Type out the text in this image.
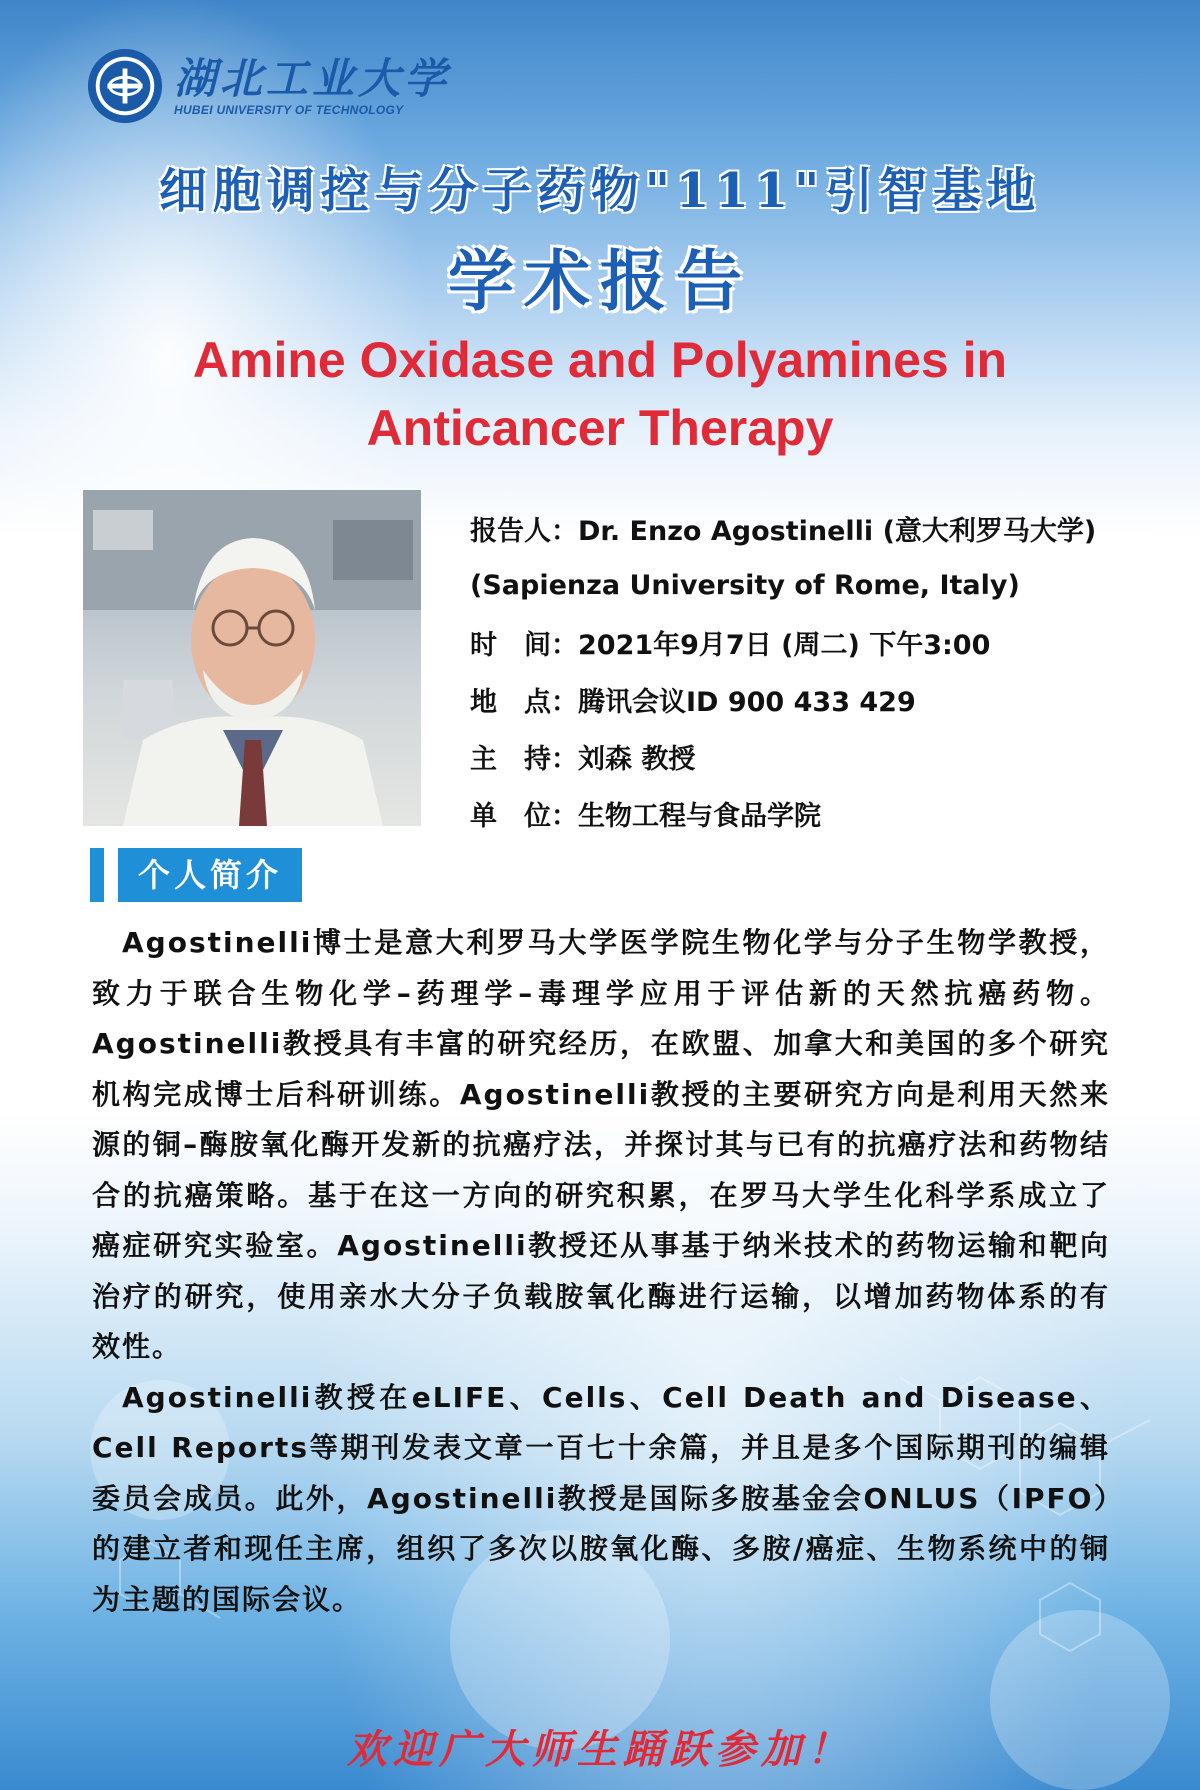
湖北工业大学
HUBEI UNIVERSITY OF TECHNOLOGY
细胞调控与分子药物"111"引智基地
学术报告
Amine Oxidase and Polyamines in
Anticancer Therapy
报告人： Dr. Enzo Agostinelli (意大利罗马大学)
(Sapienza University of Rome, Italy)
时　间： 2021年9月7日 (周二) 下午3:00
地　点： 腾讯会议ID 900 433 429
主　持： 刘森 教授
单　位： 生物工程与食品学院
个人简介

Agostinelli博士是意大利罗马大学医学院生物化学与分子生物学教授，致力于联合生物化学–药理学–毒理学应用于评估新的天然抗癌药物。Agostinelli教授具有丰富的研究经历，在欧盟、加拿大和美国的多个研究机构完成博士后科研训练。Agostinelli教授的主要研究方向是利用天然来源的铜–酶胺氧化酶开发新的抗癌疗法，并探讨其与已有的抗癌疗法和药物结合的抗癌策略。基于在这一方向的研究积累，在罗马大学生化科学系成立了癌症研究实验室。Agostinelli教授还从事基于纳米技术的药物运输和靶向治疗的研究，使用亲水大分子负载胺氧化酶进行运输，以增加药物体系的有效性。

Agostinelli教授在eLIFE、Cells、Cell Death and Disease、Cell Reports等期刊发表文章一百七十余篇，并且是多个国际期刊的编辑委员会成员。此外，Agostinelli教授是国际多胺基金会ONLUS（IPFO）的建立者和现任主席，组织了多次以胺氧化酶、多胺/癌症、生物系统中的铜为主题的国际会议。

欢迎广大师生踊跃参加！
